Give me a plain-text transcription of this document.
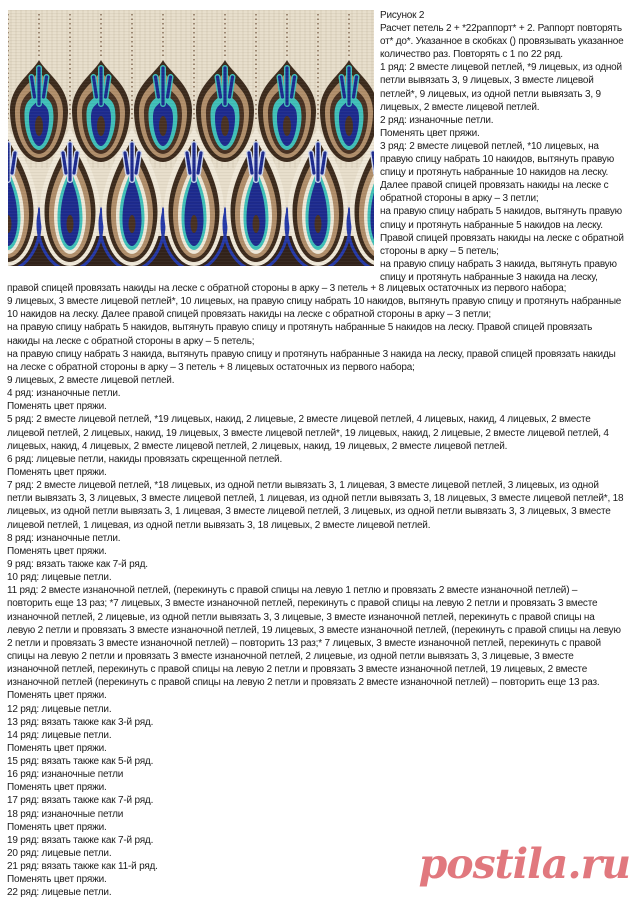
Рисунок 2
Расчет петель 2 + *22раппорт* + 2. Раппорт повторять
от* до*. Указанное в скобках () провязывать указанное
количество раз. Повторять с 1 по 22 ряд.
1 ряд: 2 вместе лицевой петлей, *9 лицевых, из одной
петли вывязать 3, 9 лицевых, 3 вместе лицевой
петлей*, 9 лицевых, из одной петли вывязать 3, 9
лицевых, 2 вместе лицевой петлей.
2 ряд: изнаночные петли.
Поменять цвет пряжи.
3 ряд: 2 вместе лицевой петлей, *10 лицевых, на
правую спицу набрать 10 накидов, вытянуть правую
спицу и протянуть набранные 10 накидов на леску.
Далее правой спицей провязать накиды на леске с
обратной стороны в арку – 3 петли;
на правую спицу набрать 5 накидов, вытянуть правую
спицу и протянуть набранные 5 накидов на леску.
Правой спицей провязать накиды на леске с обратной
стороны в арку – 5 петель;
на правую спицу набрать 3 накида, вытянуть правую
спицу и протянуть набранные 3 накида на леску,
правой спицей провязать накиды на леске с обратной стороны в арку – 3 петель + 8 лицевых остаточных из первого набора;
9 лицевых, 3 вместе лицевой петлей*, 10 лицевых, на правую спицу набрать 10 накидов, вытянуть правую спицу и протянуть набранные
10 накидов на леску. Далее правой спицей провязать накиды на леске с обратной стороны в арку – 3 петли;
на правую спицу набрать 5 накидов, вытянуть правую спицу и протянуть набранные 5 накидов на леску. Правой спицей провязать
накиды на леске с обратной стороны в арку – 5 петель;
на правую спицу набрать 3 накида, вытянуть правую спицу и протянуть набранные 3 накида на леску, правой спицей провязать накиды
на леске с обратной стороны в арку – 3 петель + 8 лицевых остаточных из первого набора;
9 лицевых, 2 вместе лицевой петлей.
4 ряд: изнаночные петли.
Поменять цвет пряжи.
5 ряд: 2 вместе лицевой петлей, *19 лицевых, накид, 2 лицевые, 2 вместе лицевой петлей, 4 лицевых, накид, 4 лицевых, 2 вместе
лицевой петлей, 2 лицевых, накид, 19 лицевых, 3 вместе лицевой петлей*, 19 лицевых, накид, 2 лицевые, 2 вместе лицевой петлей, 4
лицевых, накид, 4 лицевых, 2 вместе лицевой петлей, 2 лицевых, накид, 19 лицевых, 2 вместе лицевой петлей.
6 ряд: лицевые петли, накиды провязать скрещенной петлей.
Поменять цвет пряжи.
7 ряд: 2 вместе лицевой петлей, *18 лицевых, из одной петли вывязать 3, 1 лицевая, 3 вместе лицевой петлей, 3 лицевых, из одной
петли вывязать 3, 3 лицевых, 3 вместе лицевой петлей, 1 лицевая, из одной петли вывязать 3, 18 лицевых, 3 вместе лицевой петлей*, 18
лицевых, из одной петли вывязать 3, 1 лицевая, 3 вместе лицевой петлей, 3 лицевых, из одной петли вывязать 3, 3 лицевых, 3 вместе
лицевой петлей, 1 лицевая, из одной петли вывязать 3, 18 лицевых, 2 вместе лицевой петлей.
8 ряд: изнаночные петли.
Поменять цвет пряжи.
9 ряд: вязать также как 7-й ряд.
10 ряд: лицевые петли.
11 ряд: 2 вместе изнаночной петлей, (перекинуть с правой спицы на левую 1 петлю и провязать 2 вместе изнаночной петлей) –
повторить еще 13 раз; *7 лицевых, 3 вместе изнаночной петлей, перекинуть с правой спицы на левую 2 петли и провязать 3 вместе
изнаночной петлей, 2 лицевые, из одной петли вывязать 3, 3 лицевые, 3 вместе изнаночной петлей, перекинуть с правой спицы на
левую 2 петли и провязать 3 вместе изнаночной петлей, 19 лицевых, 3 вместе изнаночной петлей, (перекинуть с правой спицы на левую
2 петли и провязать 3 вместе изнаночной петлей) – повторить 13 раз;* 7 лицевых, 3 вместе изнаночной петлей, перекинуть с правой
спицы на левую 2 петли и провязать 3 вместе изнаночной петлей, 2 лицевые, из одной петли вывязать 3, 3 лицевые, 3 вместе
изнаночной петлей, перекинуть с правой спицы на левую 2 петли и провязать 3 вместе изнаночной петлей, 19 лицевых, 2 вместе
изнаночной петлей (перекинуть с правой спицы на левую 2 петли и провязать 2 вместе изнаночной петлей) – повторить еще 13 раз.
Поменять цвет пряжи.
12 ряд: лицевые петли.
13 ряд: вязать также как 3-й ряд.
14 ряд: лицевые петли.
Поменять цвет пряжи.
15 ряд: вязать также как 5-й ряд.
16 ряд: изнаночные петли
Поменять цвет пряжи.
17 ряд: вязать также как 7-й ряд.
18 ряд: изнаночные петли
Поменять цвет пряжи.
19 ряд: вязать также как 7-й ряд.
20 ряд: лицевые петли.
21 ряд: вязать также как 11-й ряд.
Поменять цвет пряжи.
22 ряд: лицевые петли.
postila.ru
